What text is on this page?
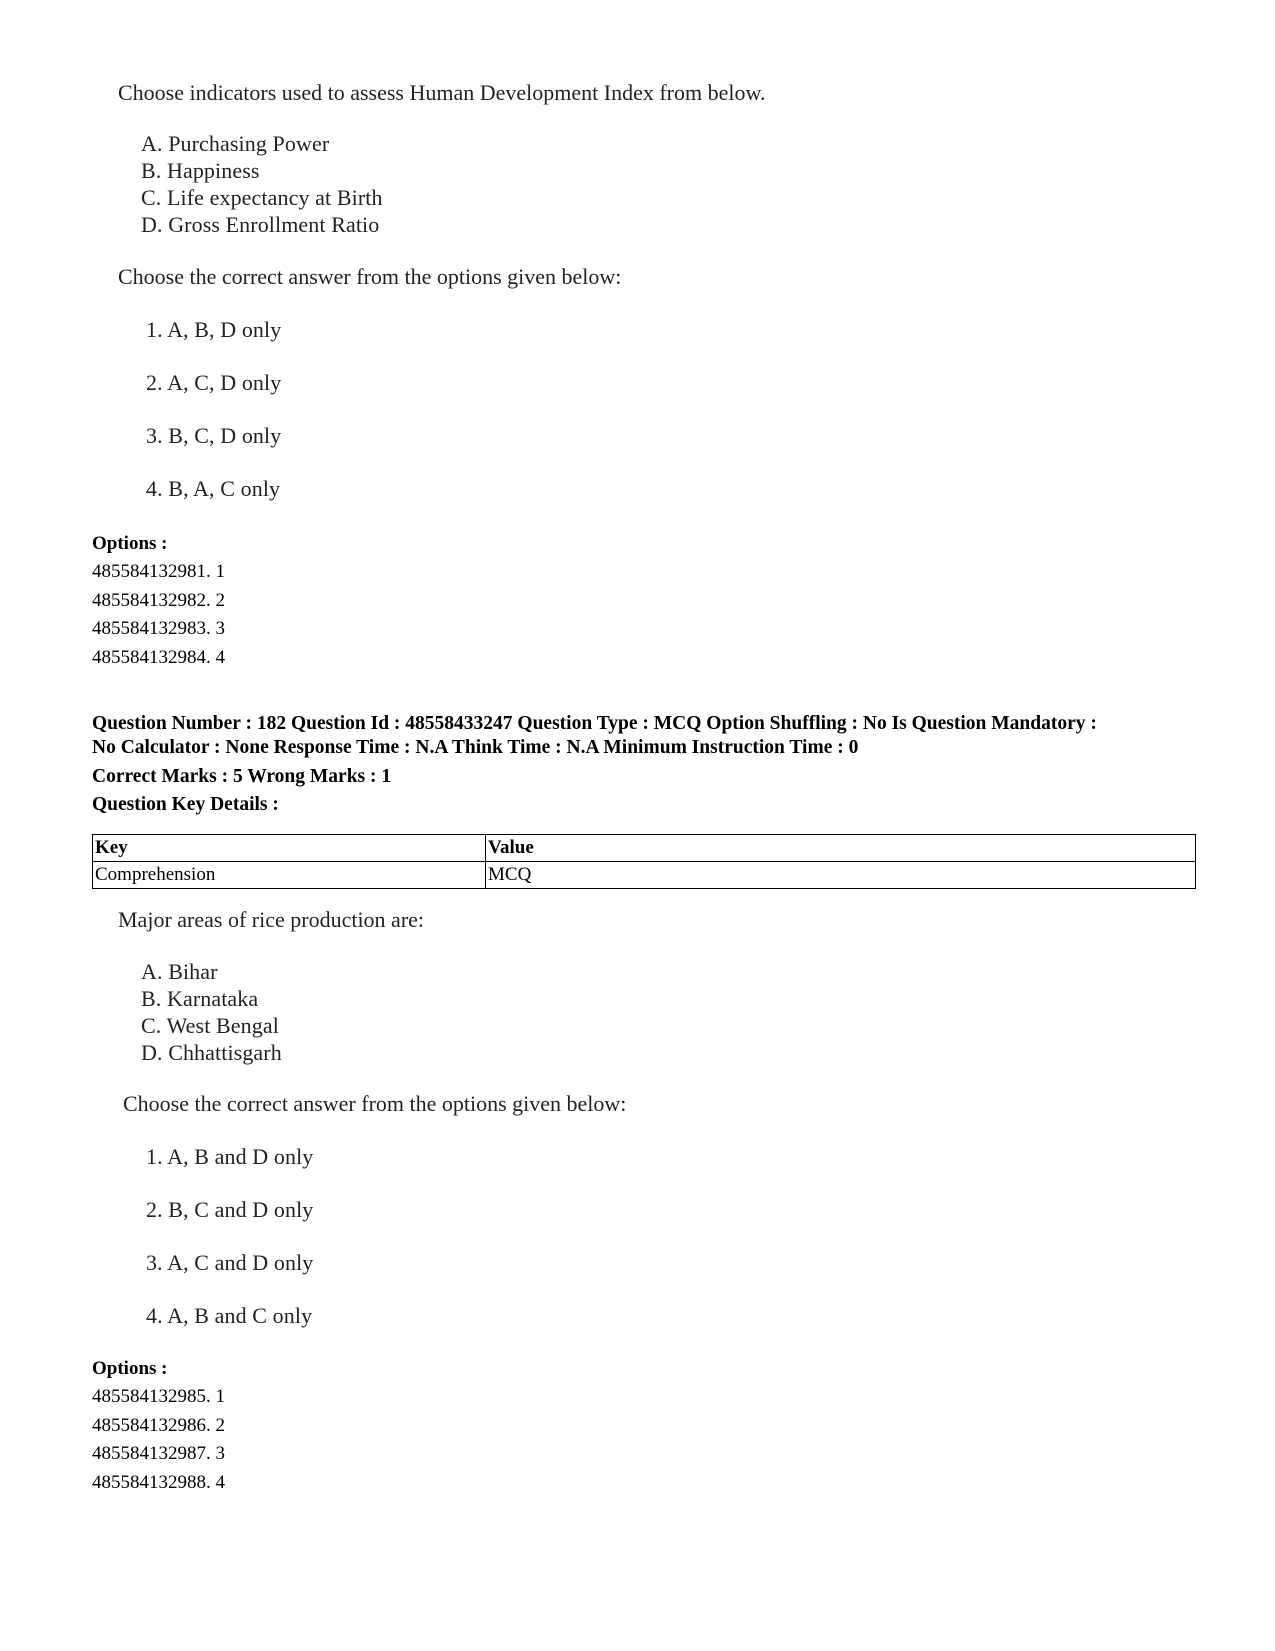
Choose indicators used to assess Human Development Index from below.
A. Purchasing Power
B. Happiness
C. Life expectancy at Birth
D. Gross Enrollment Ratio
Choose the correct answer from the options given below:
1. A, B, D only
2. A, C, D only
3. B, C, D only
4. B, A, C only
Options :
485584132981. 1
485584132982. 2
485584132983. 3
485584132984. 4
Question Number : 182 Question Id : 48558433247 Question Type : MCQ Option Shuffling : No Is Question Mandatory :
No Calculator : None Response Time : N.A Think Time : N.A Minimum Instruction Time : 0
Correct Marks : 5 Wrong Marks : 1
Question Key Details :
Key	Value
Comprehension	MCQ
Major areas of rice production are:
A. Bihar
B. Karnataka
C. West Bengal
D. Chhattisgarh
Choose the correct answer from the options given below:
1. A, B and D only
2. B, C and D only
3. A, C and D only
4. A, B and C only
Options :
485584132985. 1
485584132986. 2
485584132987. 3
485584132988. 4
